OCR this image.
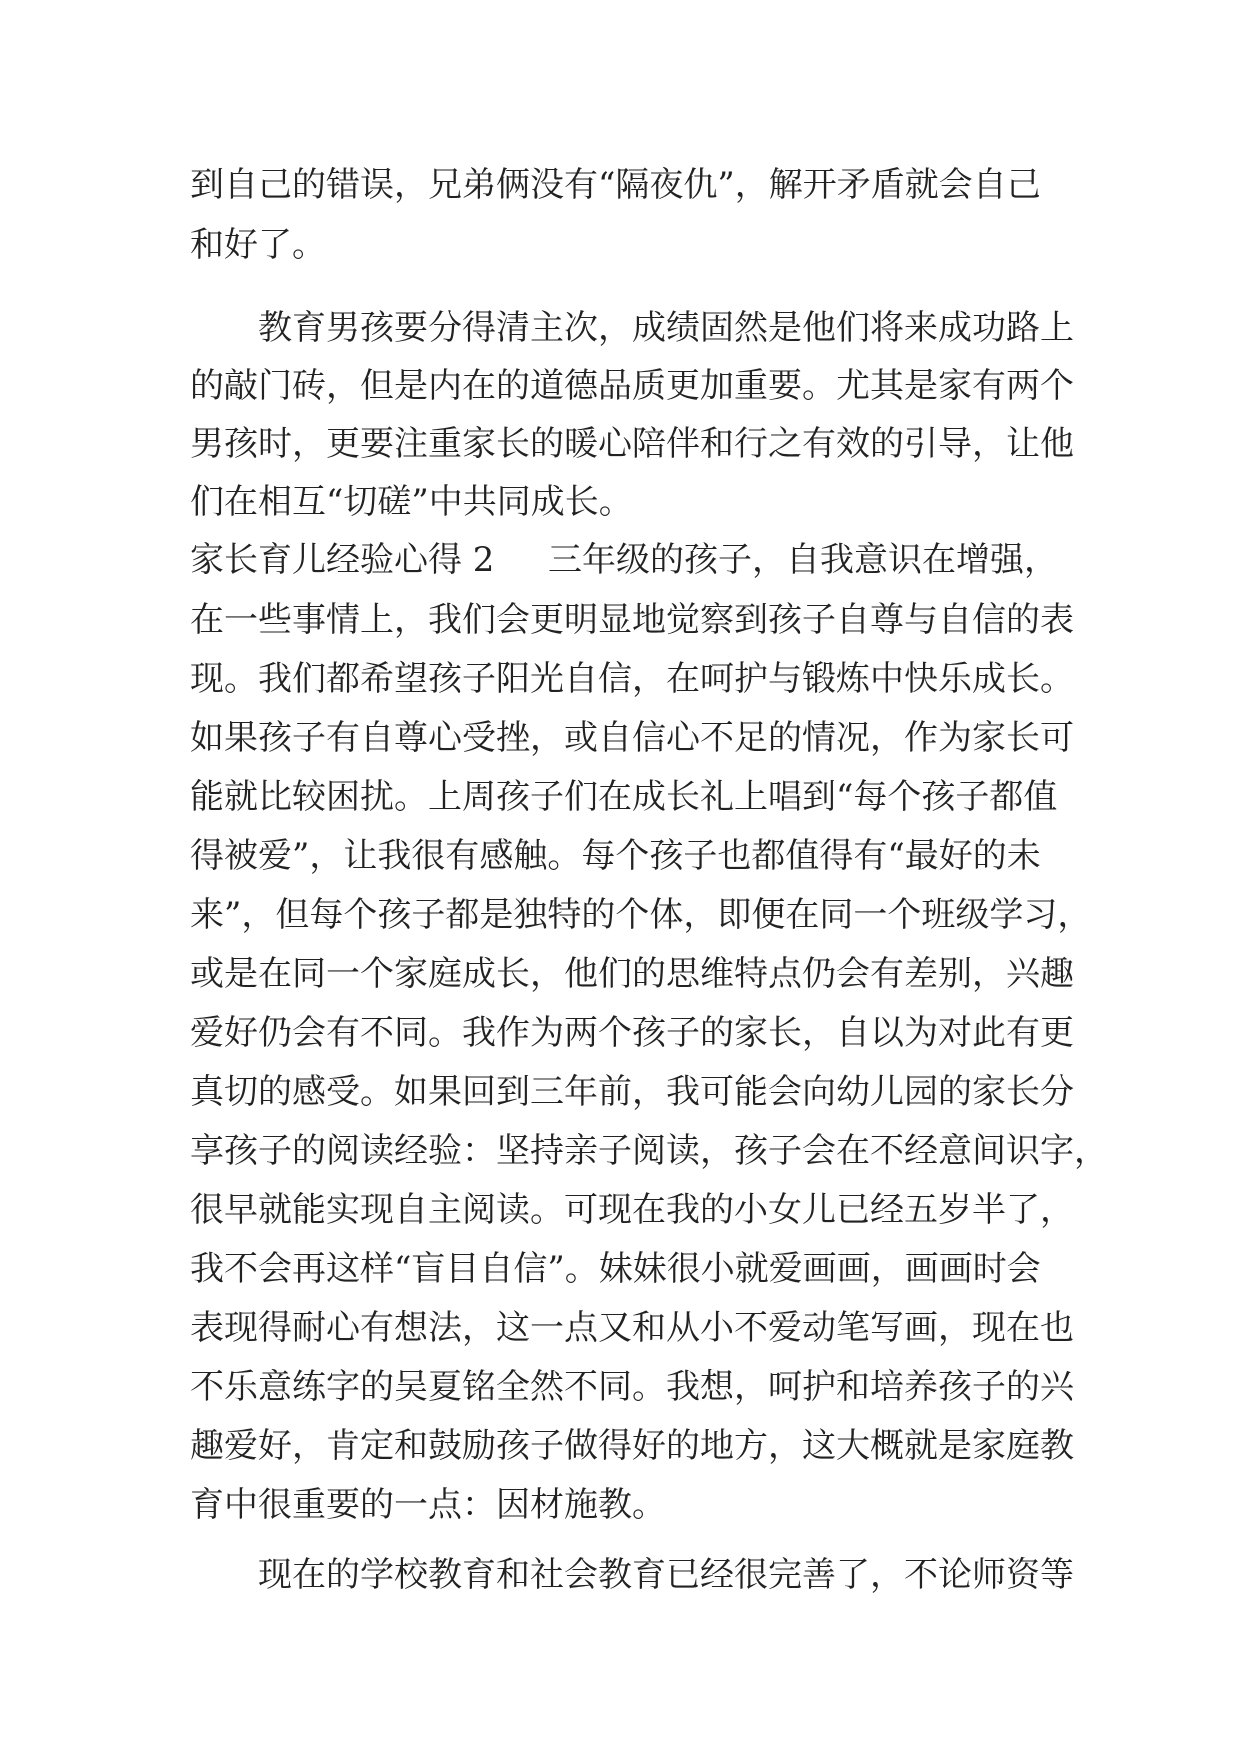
到自己的错误，兄弟俩没有“隔夜仇”，解开矛盾就会自己
和好了。
教育男孩要分得清主次，成绩固然是他们将来成功路上
的敲门砖，但是内在的道德品质更加重要。尤其是家有两个
男孩时，更要注重家长的暖心陪伴和行之有效的引导，让他
们在相互“切磋”中共同成长。
家长育儿经验心得 2 三年级的孩子，自我意识在增强，
在一些事情上，我们会更明显地觉察到孩子自尊与自信的表
现。我们都希望孩子阳光自信，在呵护与锻炼中快乐成长。
如果孩子有自尊心受挫，或自信心不足的情况，作为家长可
能就比较困扰。上周孩子们在成长礼上唱到“每个孩子都值
得被爱”，让我很有感触。每个孩子也都值得有“最好的未
来”，但每个孩子都是独特的个体，即便在同一个班级学习，
或是在同一个家庭成长，他们的思维特点仍会有差别，兴趣
爱好仍会有不同。我作为两个孩子的家长，自以为对此有更
真切的感受。如果回到三年前，我可能会向幼儿园的家长分
享孩子的阅读经验：坚持亲子阅读，孩子会在不经意间识字，
很早就能实现自主阅读。可现在我的小女儿已经五岁半了，
我不会再这样“盲目自信”。妹妹很小就爱画画，画画时会
表现得耐心有想法，这一点又和从小不爱动笔写画，现在也
不乐意练字的吴夏铭全然不同。我想，呵护和培养孩子的兴
趣爱好，肯定和鼓励孩子做得好的地方，这大概就是家庭教
育中很重要的一点：因材施教。
现在的学校教育和社会教育已经很完善了，不论师资等
